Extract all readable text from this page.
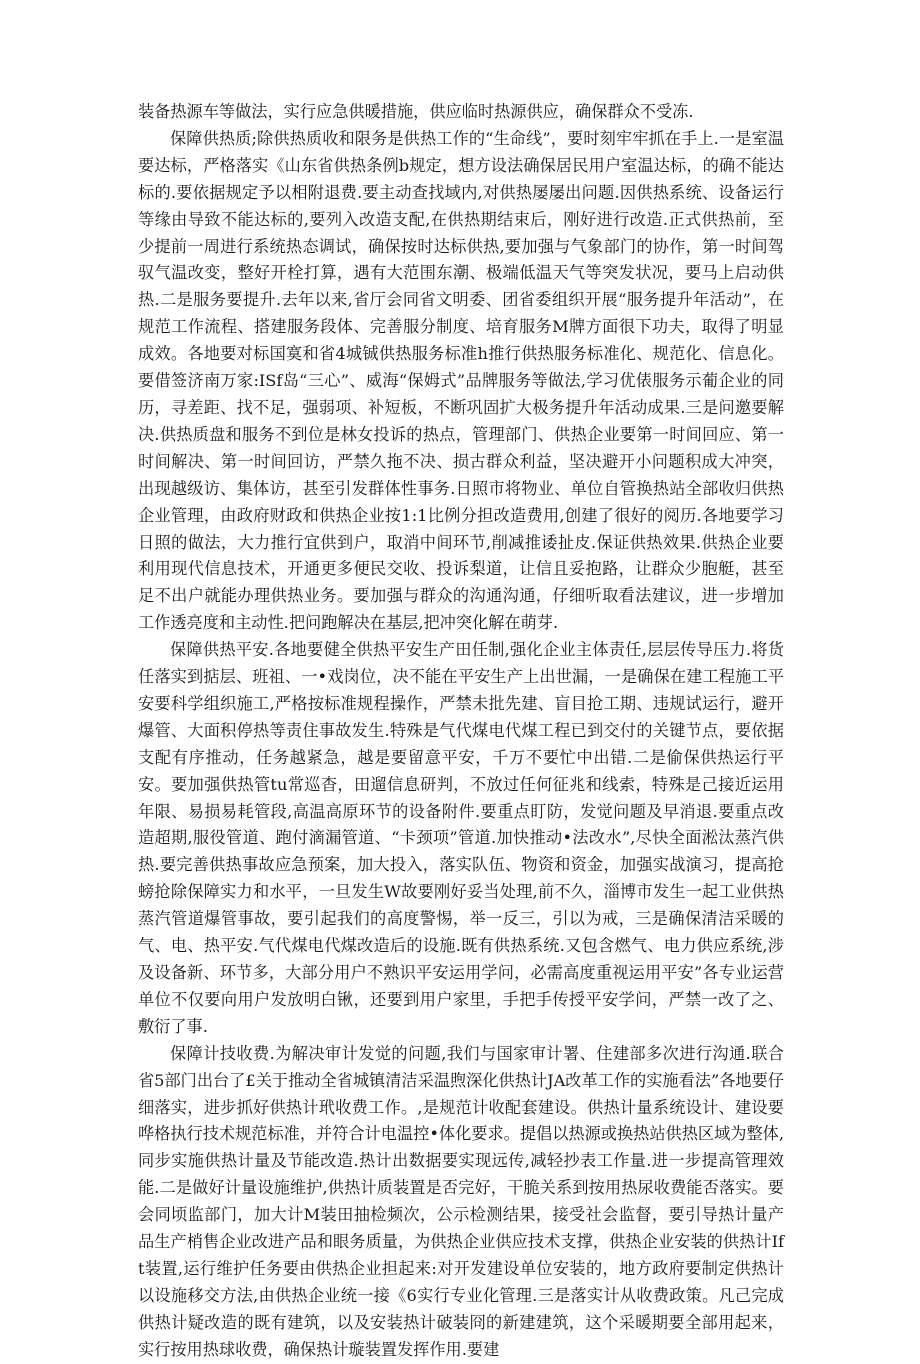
装备热源车等做法，实行应急供暖措施，供应临时热源供应，确保群众不受冻.

保障供热质;除供热质收和限务是供热工作的“生命线”，要时刻牢牢抓在手上.一是室温要达标，严格落实《山东省供热条例b规定，想方设法确保居民用户室温达标，的确不能达标的.要依据规定予以相附退费.要主动查找域内,对供热屡屡出问题.因供热系统、设备运行等缘由导致不能达标的,要列入改造支配,在供热期结束后，刚好进行改造.正式供热前，至少提前一周进行系统热态调试，确保按时达标供热,要加强与气象部门的协作，第一时间驾驭气温改变，整好开栓打算，遇有大范围东潮、极端低温天气等突发状况，要马上启动供热.二是服务要提升.去年以来,省厅会同省文明委、团省委组织开展“服务提升年活动”，在规范工作流程、搭建服务段体、完善服分制度、培育服务M牌方面很下功夫，取得了明显成效。各地要对标国寞和省4城铖供热服务标准h推行供热服务标准化、规范化、信息化。要借签济南万家:ISf岛“三心”、威海“保姆式”品牌服务等做法,学习优俵服务示葡企业的同历，寻差距、找不足，强弱项、补短板，不断巩固扩大极务提升年活动成果.三是问邀要解决.供热质盘和服务不到位是林女投诉的热点，管理部门、供热企业要第一时间回应、第一时间解决、第一时间回访，严禁久拖不决、损古群众利益，坚决避开小问题积成大冲突，出现越级访、集体访，甚至引发群体性事务.日照市将物业、单位自管换热站全部收归供热企业管理，由政府财政和供热企业按1:1比例分担改造费用,创建了很好的阅历.各地要学习日照的做法，大力推行宜供到户，取消中间环节,削减推诿扯皮.保证供热效果.供热企业要利用现代信息技术，开通更多便民交收、投诉梨道，让信且妥抱路，让群众少胞艇，甚至足不出户就能办理供热业务。要加强与群众的沟通沟通，仔细听取看法建议，进一步增加工作透亮度和主动性.把问跑解决在基层,把冲突化解在萌芽.

保障供热平安.各地要健全供热平安生产田任制,强化企业主体责任,层层传导压力.将货任落实到掂层、班祖、一•戏岗位，决不能在平安生产上出世漏，一是确保在建工程施工平安要科学组织施工,严格按标准规程操作，严禁未批先建、盲目抢工期、违规试运行，避开爆管、大面积停热等责住事故发生.特殊是气代煤电代煤工程已到交付的关键节点，要依据支配有序推动，任务越紧急，越是要留意平安，千万不要忙中出错.二是偷保供热运行平安。要加强供热管tu常巡杳，田遛信息研判，不放过任何征兆和线索，特殊是己接近运用年限、易损易耗管段,高温高原环节的设备附件.要重点盯防，发觉问题及早消退.要重点改造超期,服役管道、跑付滴漏管道、“卡颈项”管道.加快推动•法改水”,尽快全面淞汰蒸汽供热.要完善供热事故应急预案，加大投入，落实队伍、物资和资金，加强实战演习，提高抢螃抢除保障实力和水平，一旦发生W故要刚好妥当处理,前不久，淄博市发生一起工业供热蒸汽管道爆管事故，要引起我们的高度警惕，举一反三，引以为戒，三是确保清洁采暖的气、电、热平安.气代煤电代煤改造后的设施.既有供热系统.又包含燃气、电力供应系统,涉及设备新、环节多，大部分用户不熟识平安运用学问，必需高度重视运用平安”各专业运营单位不仅要向用户发放明白锹，还要到用户家里，手把手传授平安学问，严禁一改了之、敷衍了事.

保障计技收费.为解决审计发觉的问题,我们与国家审计署、住建部多次进行沟通.联合省5部门出台了£关于推动全省城镇清洁采温煦深化供热计JA改革工作的实施看法”各地要仔细落实，进步抓好供热计玳收费工作。,是规范计收配套建设。供热计量系统设计、建设要哗格执行技术规范标准，并符合计电温控•体化要求。提倡以热源或换热站供热区域为整体,同步实施供热计量及节能改造.热计出数据要实现远传,减轻抄表工作量.进一步提高管理效能.二是做好计量设施维护,供热计质装置是否完好，干脆关系到按用热尿收费能否落实。要会同顷监部门，加大计M装田抽检频次，公示检测结果，接受社会监督，要引导热计量产品生产梢售企业改进产品和眼务质量，为供热企业供应技术支撑，供热企业安装的供热计Ift装置,运行维护任务要由供热企业担起来:对开发建设单位安装的，地方政府要制定供热计以设施移交方法,由供热企业统一接《6实行专业化管理.三是落实计从收费政策。凡己完成供热计疑改造的既有建筑，以及安装热计破装冏的新建建筑，这个采暖期要全部用起来，实行按用热球收费，确保热计璇装置发挥作用.要建
